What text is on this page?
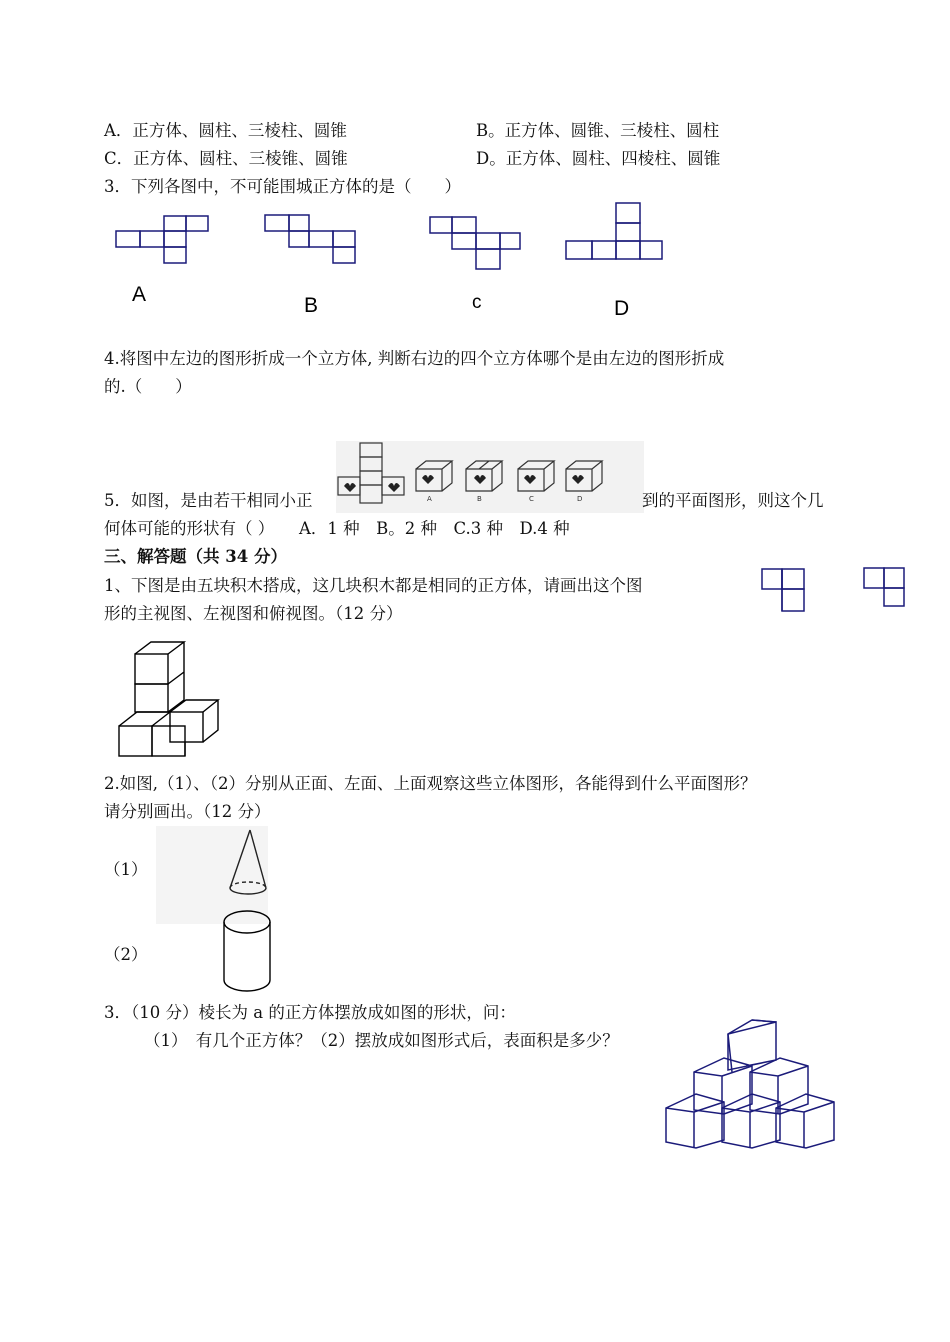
A．正方体、圆柱、三棱柱、圆锥	B。正方体、圆锥、三棱柱、圆柱
C．正方体、圆柱、三棱锥、圆锥	D。正方体、圆柱、四棱柱、圆锥
3．下列各图中，不可能围城正方体的是（　　）
A	B	c	D
4.将图中左边的图形折成一个立方体, 判断右边的四个立方体哪个是由左边的图形折成
的.（　　）
A	B	C	D
5．如图，是由若干相同小正	到的平面图形，则这个几
何体可能的形状有（ ）　　A．1 种　B。2 种　C.3 种　D.4 种
三、解答题（共 34 分）
1、下图是由五块积木搭成，这几块积木都是相同的正方体，请画出这个图
形的主视图、左视图和俯视图。（12 分）
2.如图,（1）、（2）分别从正面、左面、上面观察这些立体图形，各能得到什么平面图形？
请分别画出。（12 分）
（1）
（2）
3．（10 分）棱长为 a 的正方体摆放成如图的形状，问：
（1）　有几个正方体？（2）摆放成如图形式后，表面积是多少？
